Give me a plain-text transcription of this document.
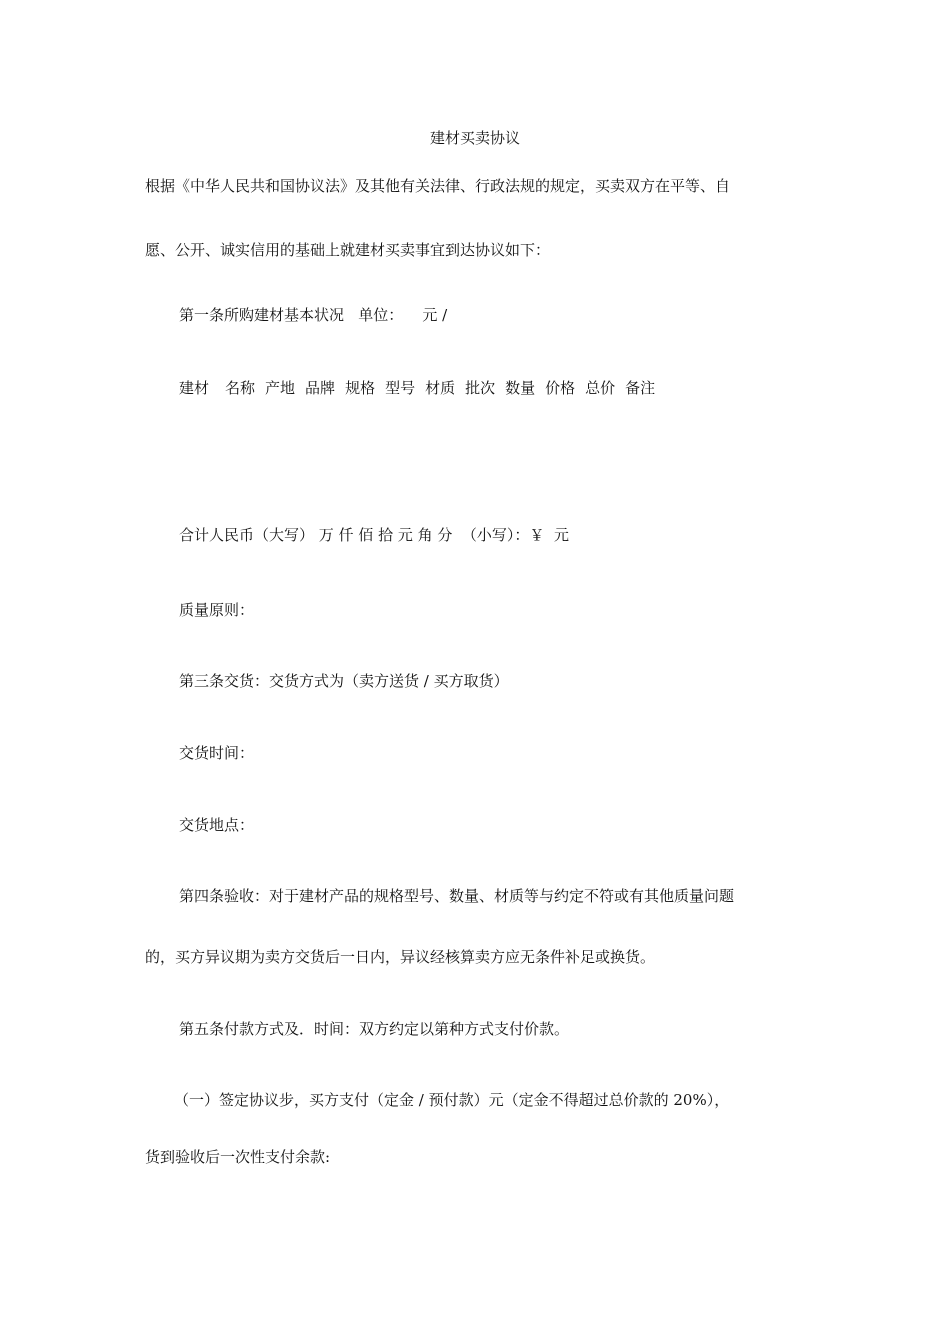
建材买卖协议
根据《中华人民共和国协议法》及其他有关法律、行政法规的规定，买卖双方在平等、自
愿、公开、诚实信用的基础上就建材买卖事宜到达协议如下：
第一条所购建材基本状况   单位：    元 /
建材 名称 产地 品牌 规格 型号 材质 批次 数量 价格 总价 备注
合计人民币（大写） 万 仟 佰 拾 元 角 分  （小写）：￥  元
质量原则：
第三条交货：交货方式为（卖方送货 / 买方取货）
交货时间：
交货地点：
第四条验收：对于建材产品的规格型号、数量、材质等与约定不符或有其他质量问题
的，买方异议期为卖方交货后一日内，异议经核算卖方应无条件补足或换货。
第五条付款方式及．时间：双方约定以第种方式支付价款。
（一）签定协议步，买方支付（定金 / 预付款）元（定金不得超过总价款的 20%），
货到验收后一次性支付余款:
